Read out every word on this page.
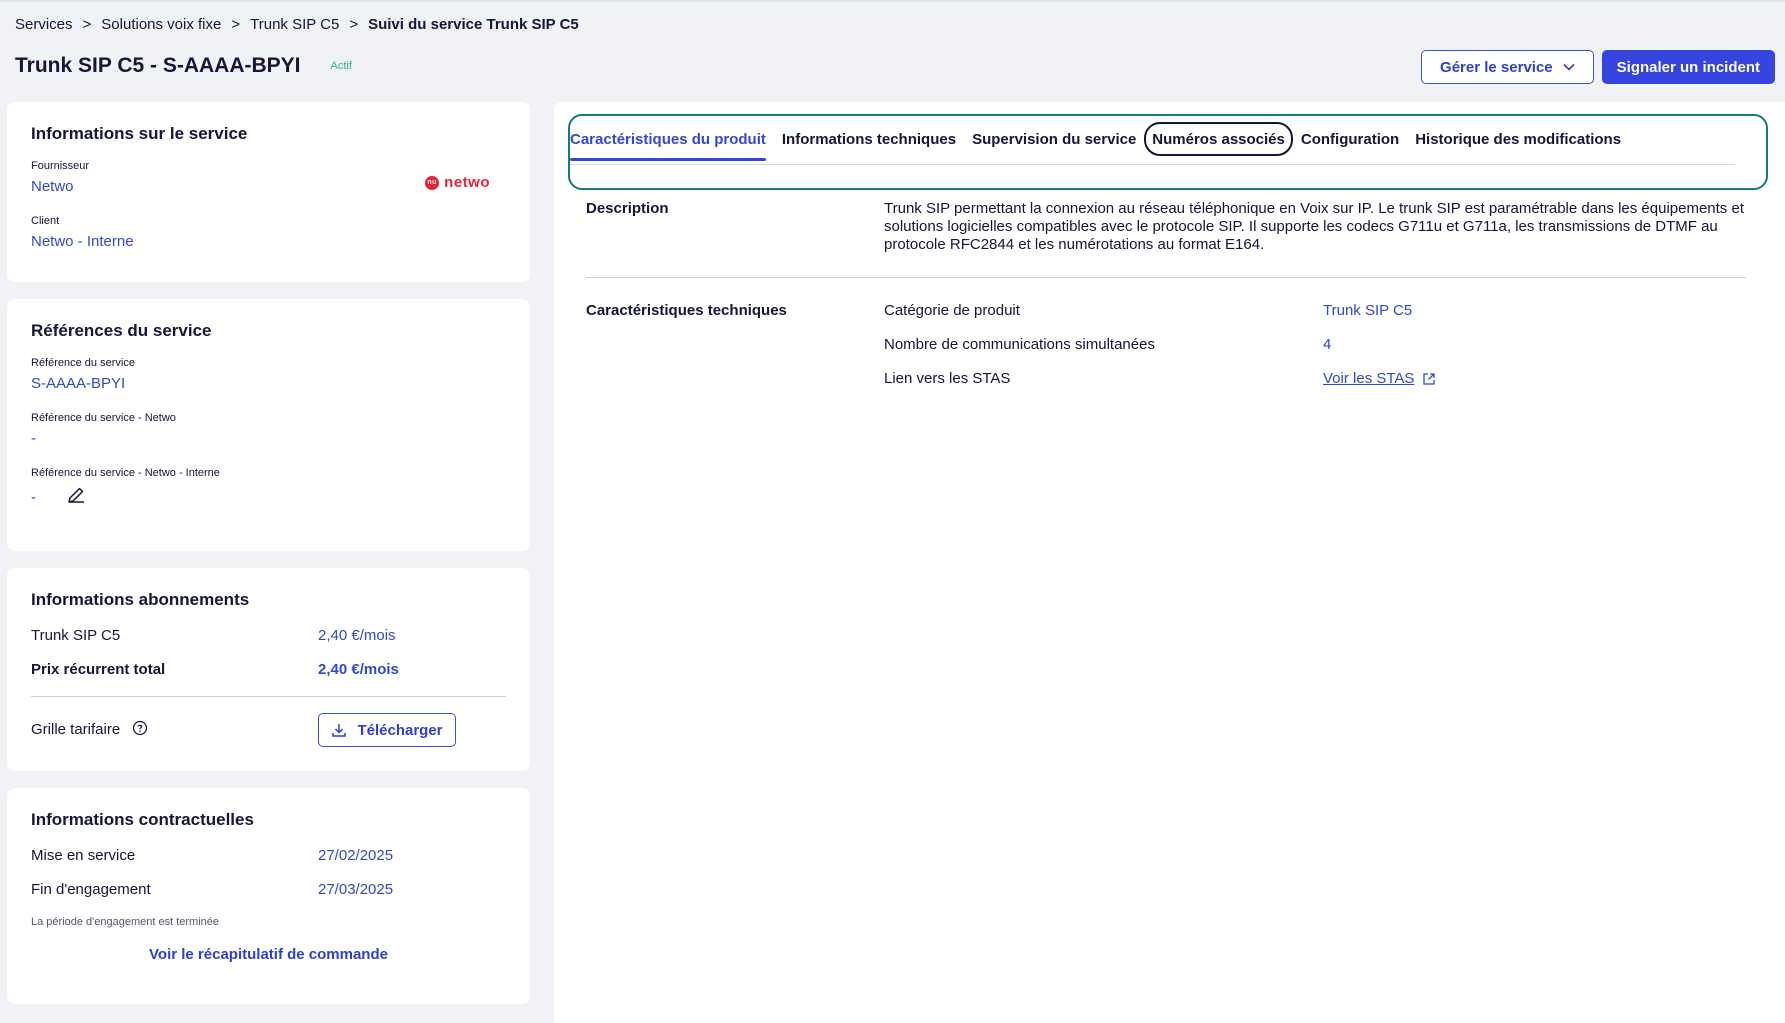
Services > Solutions voix fixe > Trunk SIP C5 > Suivi du service Trunk SIP C5
Trunk SIP C5 - S-AAAA-BPYI	Actif	Gérer le service	Signaler un incident
Informations sur le service
Fournisseur
Netwo
Client
Netwo - Interne
nu netwo
Références du service
Référence du service
S-AAAA-BPYI
Référence du service - Netwo
-
Référence du service - Netwo - Interne
-
Informations abonnements
Trunk SIP C5	2,40 €/mois
Prix récurrent total	2,40 €/mois
Grille tarifaire	Télécharger
Informations contractuelles
Mise en service	27/02/2025
Fin d'engagement	27/03/2025
La période d'engagement est terminée
Voir le récapitulatif de commande
Caractéristiques du produit	Informations techniques	Supervision du service	Numéros associés	Configuration	Historique des modifications
Description	Trunk SIP permettant la connexion au réseau téléphonique en Voix sur IP. Le trunk SIP est paramétrable dans les équipements et solutions logicielles compatibles avec le protocole SIP. Il supporte les codecs G711u et G711a, les transmissions de DTMF au protocole RFC2844 et les numérotations au format E164.

Caractéristiques techniques	Catégorie de produit	Trunk SIP C5
Nombre de communications simultanées	4
Lien vers les STAS	Voir les STAS
